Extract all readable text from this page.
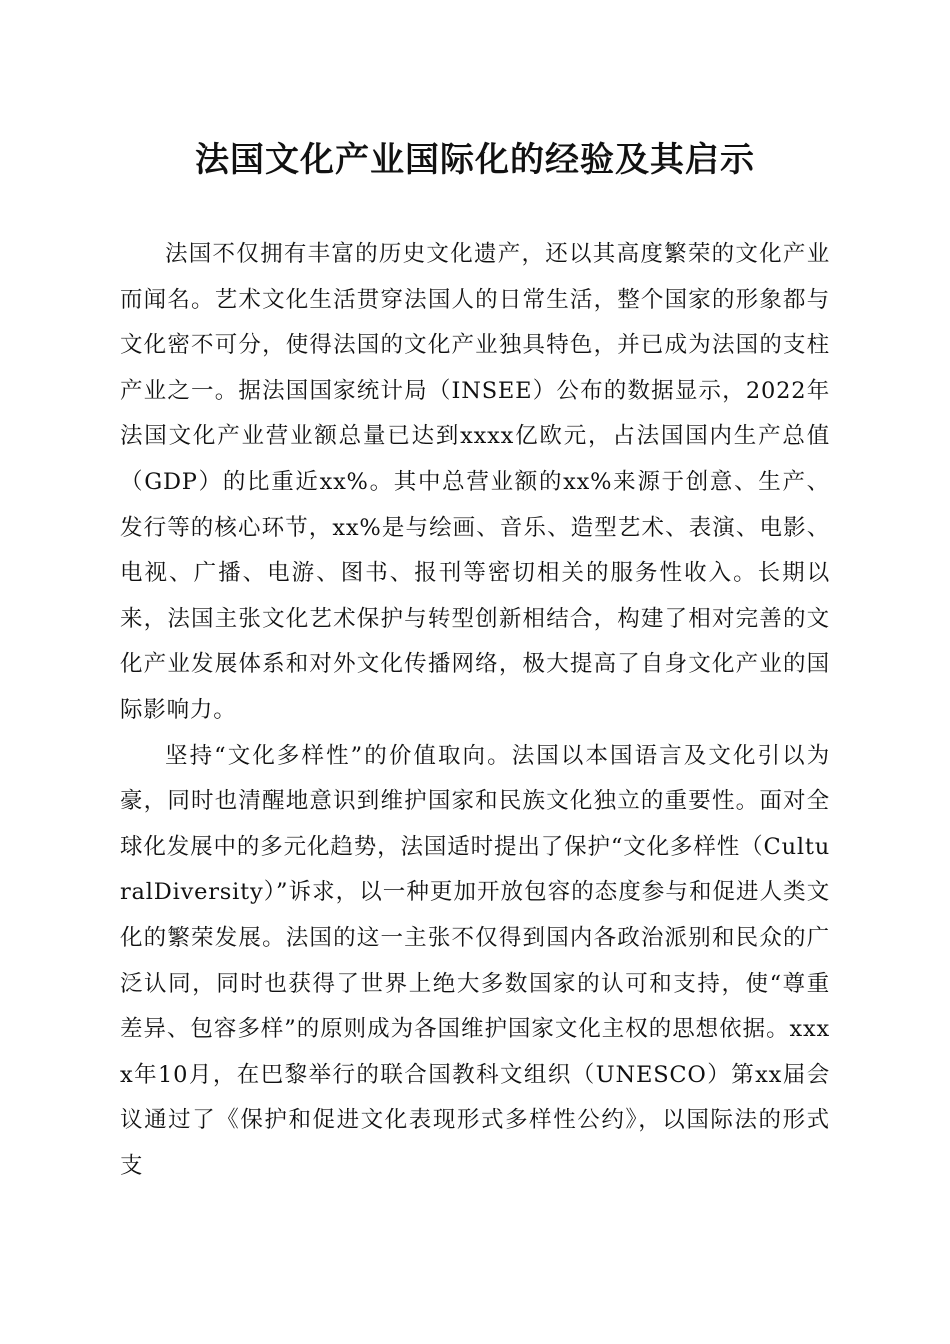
法国文化产业国际化的经验及其启示

法国不仅拥有丰富的历史文化遗产，还以其高度繁荣的文化产业而闻名。艺术文化生活贯穿法国人的日常生活，整个国家的形象都与文化密不可分，使得法国的文化产业独具特色，并已成为法国的支柱产业之一。据法国国家统计局（INSEE）公布的数据显示，2022年法国文化产业营业额总量已达到xxxx亿欧元，占法国国内生产总值（GDP）的比重近xx%。其中总营业额的xx%来源于创意、生产、发行等的核心环节，xx%是与绘画、音乐、造型艺术、表演、电影、电视、广播、电游、图书、报刊等密切相关的服务性收入。长期以来，法国主张文化艺术保护与转型创新相结合，构建了相对完善的文化产业发展体系和对外文化传播网络，极大提高了自身文化产业的国际影响力。

坚持“文化多样性”的价值取向。法国以本国语言及文化引以为豪，同时也清醒地意识到维护国家和民族文化独立的重要性。面对全球化发展中的多元化趋势，法国适时提出了保护“文化多样性（CulturalDiversity）”诉求，以一种更加开放包容的态度参与和促进人类文化的繁荣发展。法国的这一主张不仅得到国内各政治派别和民众的广泛认同，同时也获得了世界上绝大多数国家的认可和支持，使“尊重差异、包容多样”的原则成为各国维护国家文化主权的思想依据。xxxx年10月，在巴黎举行的联合国教科文组织（UNESCO）第xx届会议通过了《保护和促进文化表现形式多样性公约》，以国际法的形式支
